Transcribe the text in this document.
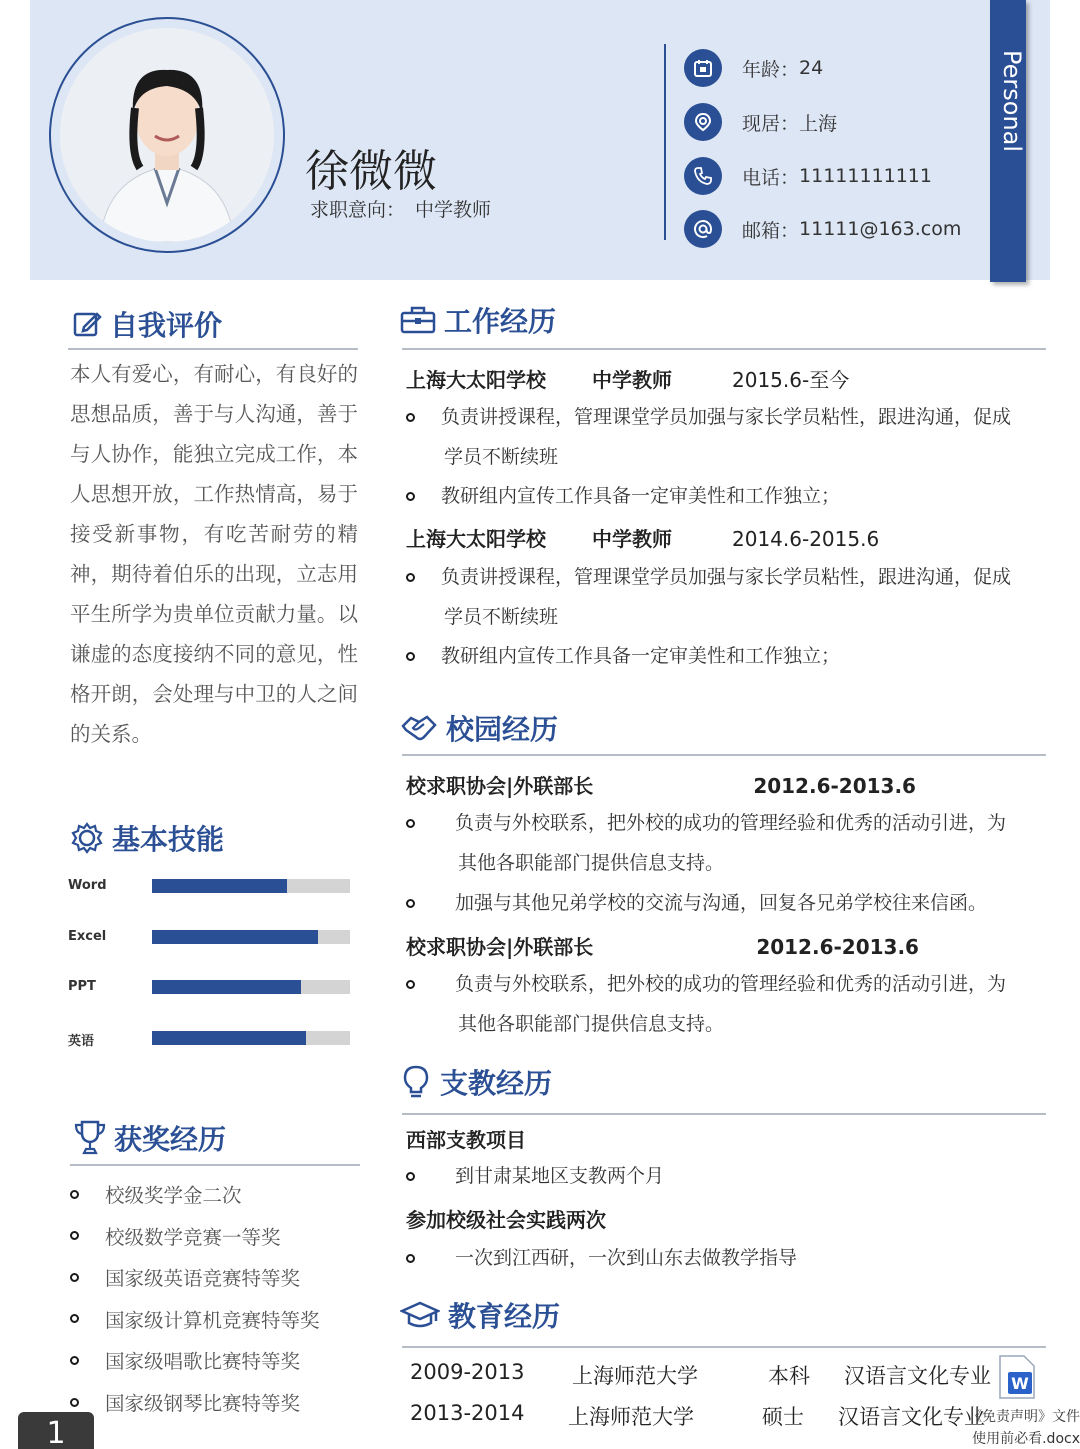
徐微微
求职意向： 中学教师
年龄： 24
现居： 上海
电话： 11111111111
邮箱： 11111@163.com
Personal
自我评价
本人有爱心，有耐心，有良好的思想品质，善于与人沟通，善于与人协作，能独立完成工作，本人思想开放，工作热情高，易于接受新事物，有吃苦耐劳的精神，期待着伯乐的出现，立志用平生所学为贵单位贡献力量。以谦虚的态度接纳不同的意见，性格开朗，会处理与中卫的人之间的关系。
基本技能
Word
Excel
PPT
英语
获奖经历
校级奖学金二次
校级数学竞赛一等奖
国家级英语竞赛特等奖
国家级计算机竞赛特等奖
国家级唱歌比赛特等奖
国家级钢琴比赛特等奖
工作经历
上海大太阳学校 中学教师	2015.6-至今
负责讲授课程，管理课堂学员加强与家长学员粘性，跟进沟通，促成
学员不断续班
教研组内宣传工作具备一定审美性和工作独立；
上海大太阳学校 中学教师	2014.6-2015.6
负责讲授课程，管理课堂学员加强与家长学员粘性，跟进沟通，促成
学员不断续班
教研组内宣传工作具备一定审美性和工作独立；
校园经历
校求职协会|外联部长	2012.6-2013.6
负责与外校联系，把外校的成功的管理经验和优秀的活动引进，为
其他各职能部门提供信息支持。
加强与其他兄弟学校的交流与沟通，回复各兄弟学校往来信函。
校求职协会|外联部长	2012.6-2013.6
负责与外校联系，把外校的成功的管理经验和优秀的活动引进，为
其他各职能部门提供信息支持。
支教经历
西部支教项目
到甘肃某地区支教两个月
参加校级社会实践两次
一次到江西研，一次到山东去做教学指导
教育经历
2009-2013 上海师范大学	本科 汉语言文化专业
2013-2014 上海师范大学	硕士 汉语言文化专业
W
《免责声明》文件
使用前必看.docx
1
